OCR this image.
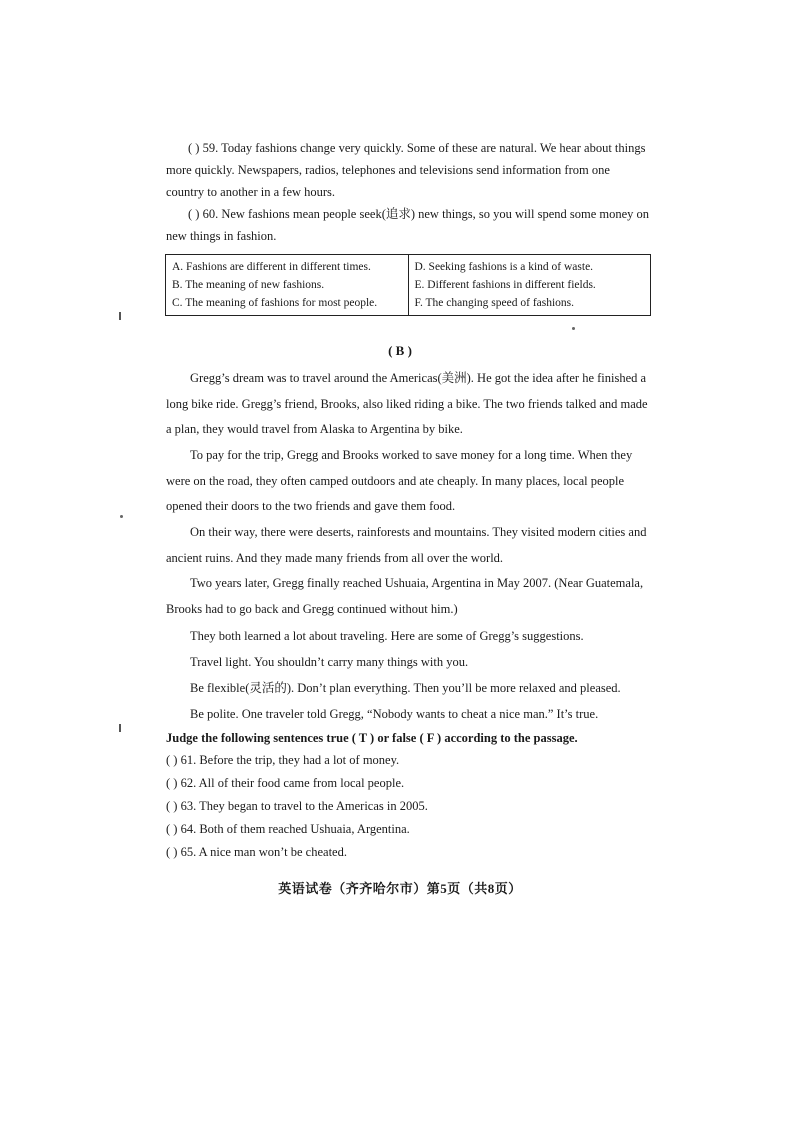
( ) 59. Today fashions change very quickly. Some of these are natural. We hear about things more quickly. Newspapers, radios, telephones and televisions send information from one country to another in a few hours.

( ) 60. New fashions mean people seek(追求) new things, so you will spend some money on new things in fashion.

A. Fashions are different in different times.
B. The meaning of new fashions.
C. The meaning of fashions for most people.
D. Seeking fashions is a kind of waste.
E. Different fashions in different fields.
F. The changing speed of fashions.
( B )

Gregg’s dream was to travel around the Americas(美洲). He got the idea after he finished a long bike ride. Gregg’s friend, Brooks, also liked riding a bike. The two friends talked and made a plan, they would travel from Alaska to Argentina by bike.

To pay for the trip, Gregg and Brooks worked to save money for a long time. When they were on the road, they often camped outdoors and ate cheaply. In many places, local people opened their doors to the two friends and gave them food.

On their way, there were deserts, rainforests and mountains. They visited modern cities and ancient ruins. And they made many friends from all over the world.

Two years later, Gregg finally reached Ushuaia, Argentina in May 2007. (Near Guatemala, Brooks had to go back and Gregg continued without him.)

They both learned a lot about traveling. Here are some of Gregg’s suggestions.

Travel light. You shouldn’t carry many things with you.

Be flexible(灵活的). Don’t plan everything. Then you’ll be more relaxed and pleased.

Be polite. One traveler told Gregg, “Nobody wants to cheat a nice man.” It’s true.

Judge the following sentences true ( T ) or false ( F ) according to the passage.

( ) 61. Before the trip, they had a lot of money.

( ) 62. All of their food came from local people.

( ) 63. They began to travel to the Americas in 2005.

( ) 64. Both of them reached Ushuaia, Argentina.

( ) 65. A nice man won’t be cheated.

英语试卷（齐齐哈尔市）第5页（共8页）
